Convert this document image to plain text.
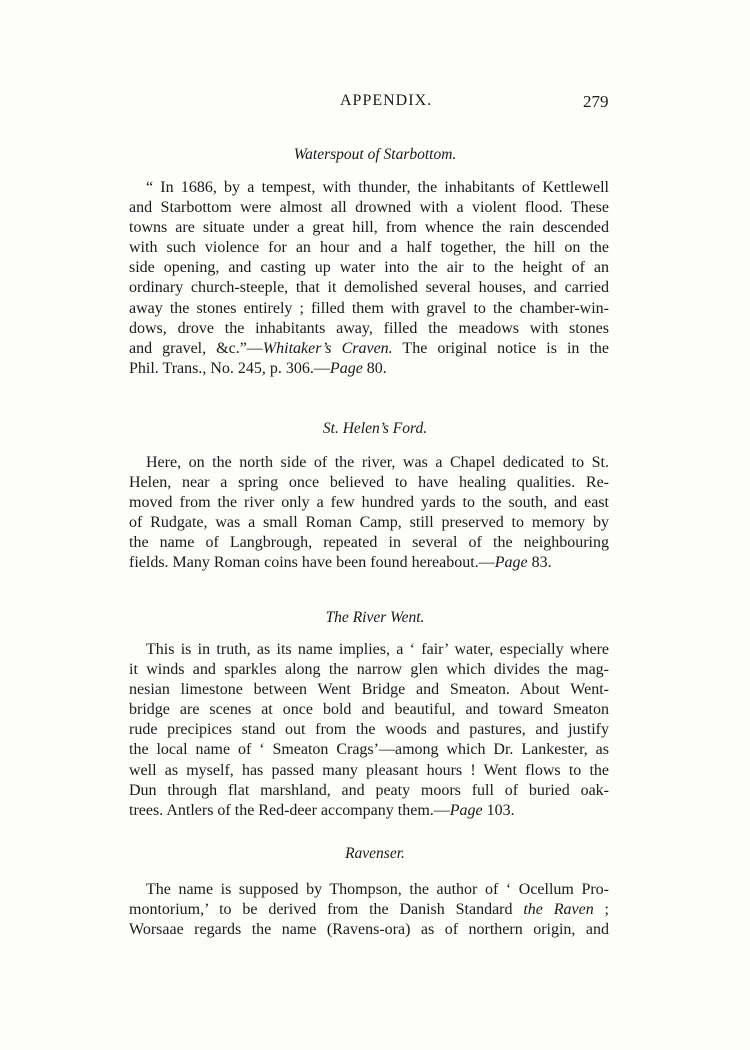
APPENDIX.	279
Waterspout of Starbottom.
“ In 1686, by a tempest, with thunder, the inhabitants of Kettlewell
and Starbottom were almost all drowned with a violent flood. These
towns are situate under a great hill, from whence the rain descended
with such violence for an hour and a half together, the hill on the
side opening, and casting up water into the air to the height of an
ordinary church-steeple, that it demolished several houses, and carried
away the stones entirely ; filled them with gravel to the chamber-win-
dows, drove the inhabitants away, filled the meadows with stones
and gravel, &c.”—Whitaker’s Craven. The original notice is in the
Phil. Trans., No. 245, p. 306.—Page 80.
St. Helen’s Ford.
Here, on the north side of the river, was a Chapel dedicated to St.
Helen, near a spring once believed to have healing qualities. Re-
moved from the river only a few hundred yards to the south, and east
of Rudgate, was a small Roman Camp, still preserved to memory by
the name of Langbrough, repeated in several of the neighbouring
fields. Many Roman coins have been found hereabout.—Page 83.
The River Went.
This is in truth, as its name implies, a ‘ fair’ water, especially where
it winds and sparkles along the narrow glen which divides the mag-
nesian limestone between Went Bridge and Smeaton. About Went-
bridge are scenes at once bold and beautiful, and toward Smeaton
rude precipices stand out from the woods and pastures, and justify
the local name of ‘ Smeaton Crags’—among which Dr. Lankester, as
well as myself, has passed many pleasant hours ! Went flows to the
Dun through flat marshland, and peaty moors full of buried oak-
trees. Antlers of the Red-deer accompany them.—Page 103.
Ravenser.
The name is supposed by Thompson, the author of ‘ Ocellum Pro-
montorium,’ to be derived from the Danish Standard the Raven ;
Worsaae regards the name (Ravens-ora) as of northern origin, and
